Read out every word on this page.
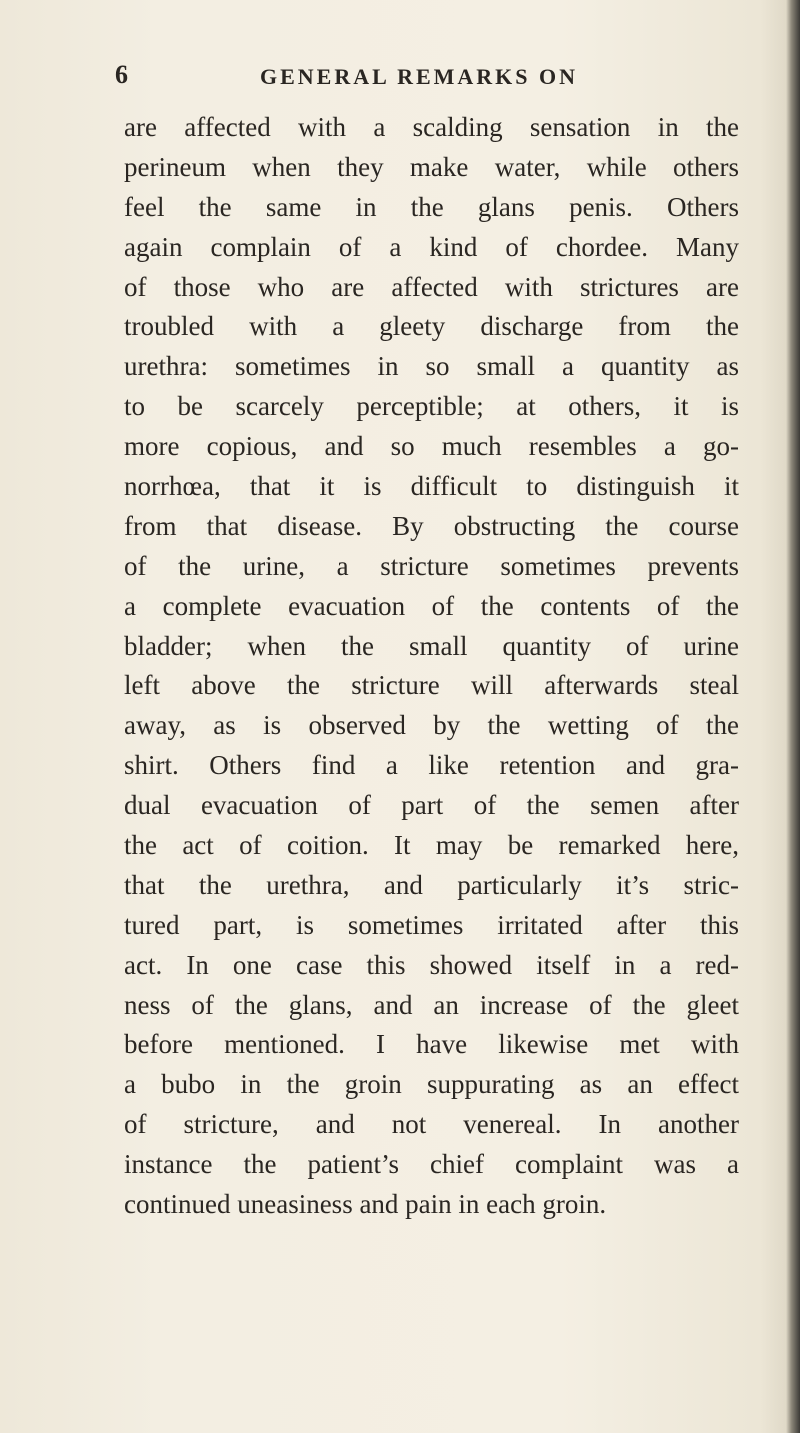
6	GENERAL REMARKS ON
are affected with a scalding sensation in the
perineum when they make water, while others
feel the same in the glans penis. Others
again complain of a kind of chordee. Many
of those who are affected with strictures are
troubled with a gleety discharge from the
urethra: sometimes in so small a quantity as
to be scarcely perceptible; at others, it is
more copious, and so much resembles a go-
norrhœa, that it is difficult to distinguish it
from that disease. By obstructing the course
of the urine, a stricture sometimes prevents
a complete evacuation of the contents of the
bladder; when the small quantity of urine
left above the stricture will afterwards steal
away, as is observed by the wetting of the
shirt. Others find a like retention and gra-
dual evacuation of part of the semen after
the act of coition. It may be remarked here,
that the urethra, and particularly it’s stric-
tured part, is sometimes irritated after this
act. In one case this showed itself in a red-
ness of the glans, and an increase of the gleet
before mentioned. I have likewise met with
a bubo in the groin suppurating as an effect
of stricture, and not venereal. In another
instance the patient’s chief complaint was a
continued uneasiness and pain in each groin.
